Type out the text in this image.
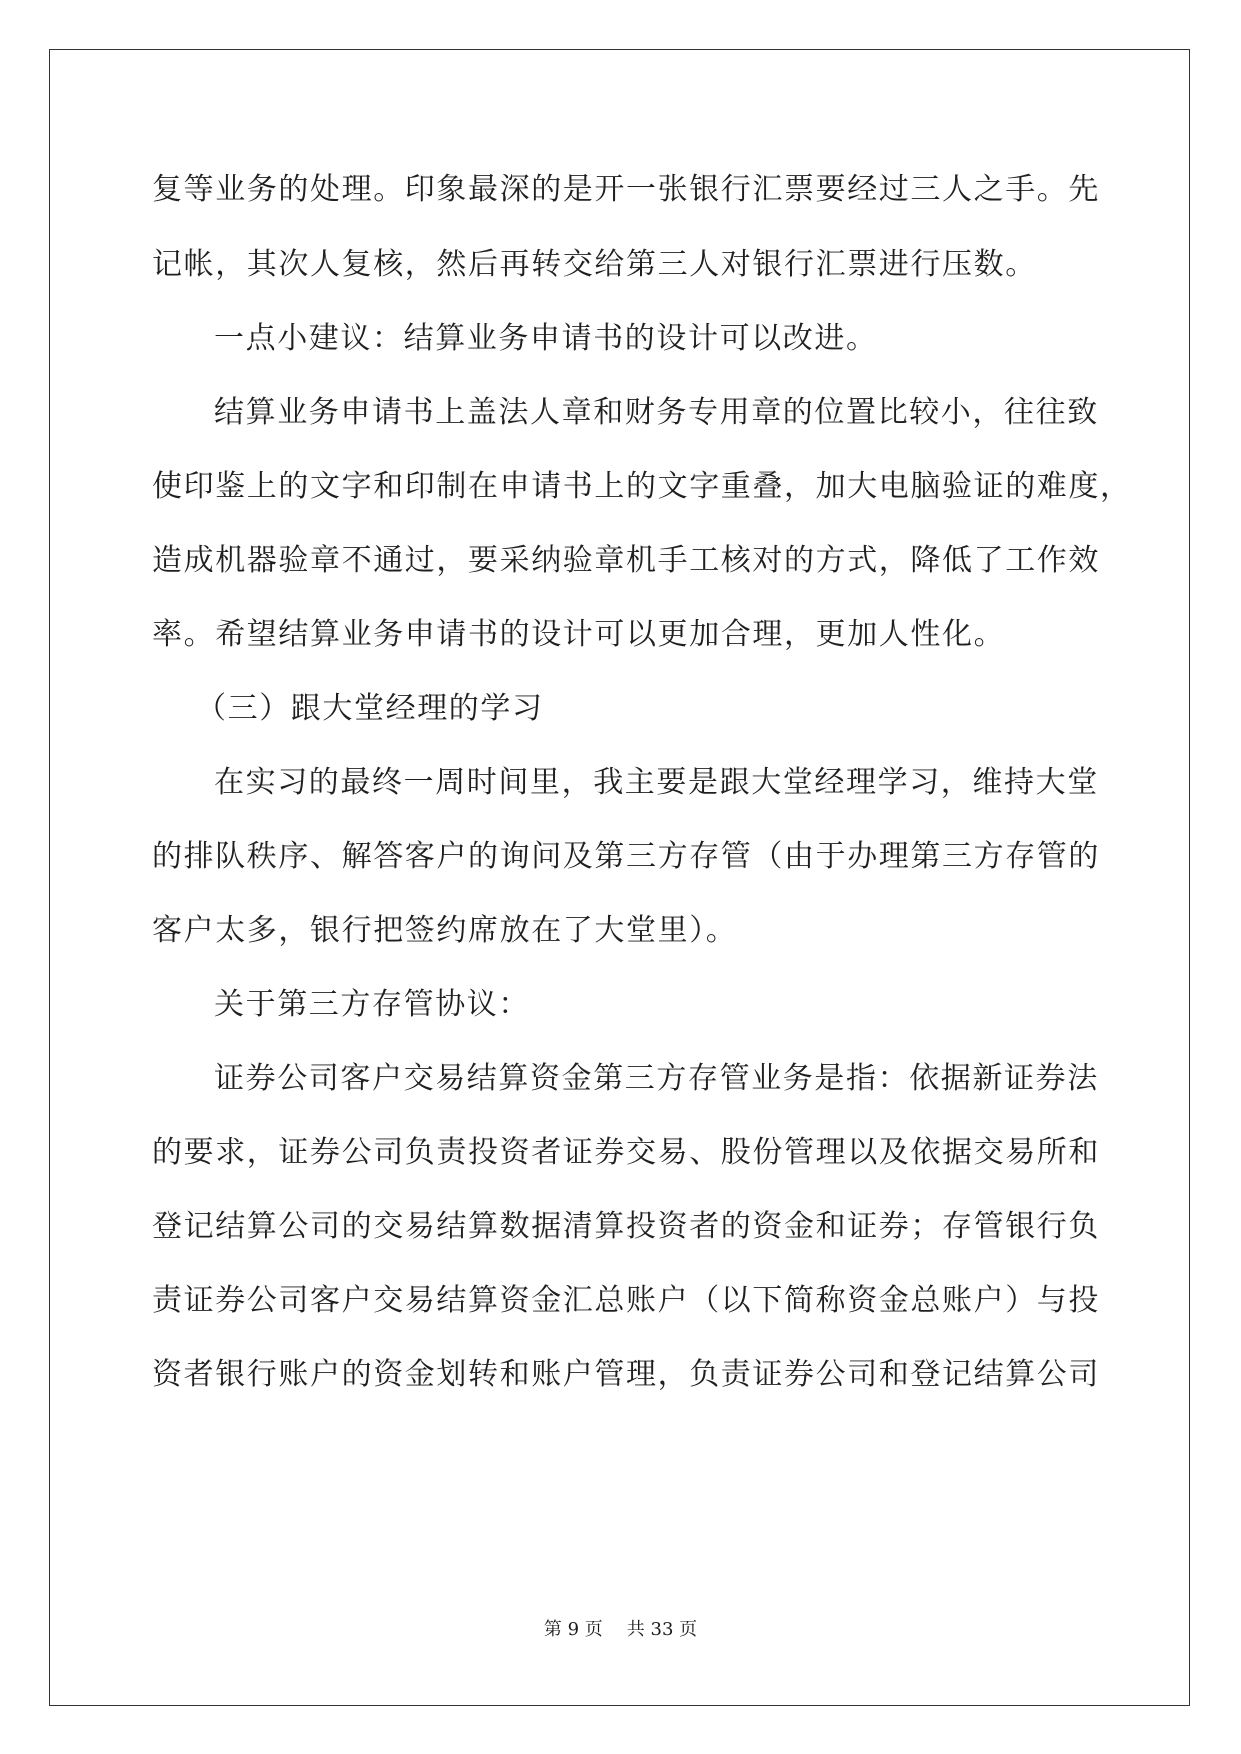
复等业务的处理。印象最深的是开一张银行汇票要经过三人之手。先
记帐，其次人复核，然后再转交给第三人对银行汇票进行压数。
一点小建议：结算业务申请书的设计可以改进。
结算业务申请书上盖法人章和财务专用章的位置比较小，往往致
使印鉴上的文字和印制在申请书上的文字重叠，加大电脑验证的难度，
造成机器验章不通过，要采纳验章机手工核对的方式，降低了工作效
率。希望结算业务申请书的设计可以更加合理，更加人性化。
（三）跟大堂经理的学习
在实习的最终一周时间里，我主要是跟大堂经理学习，维持大堂
的排队秩序、解答客户的询问及第三方存管（由于办理第三方存管的
客户太多，银行把签约席放在了大堂里）。
关于第三方存管协议：
证券公司客户交易结算资金第三方存管业务是指：依据新证券法
的要求，证券公司负责投资者证券交易、股份管理以及依据交易所和
登记结算公司的交易结算数据清算投资者的资金和证券；存管银行负
责证券公司客户交易结算资金汇总账户（以下简称资金总账户）与投
资者银行账户的资金划转和账户管理，负责证券公司和登记结算公司
第 9 页 共 33 页
